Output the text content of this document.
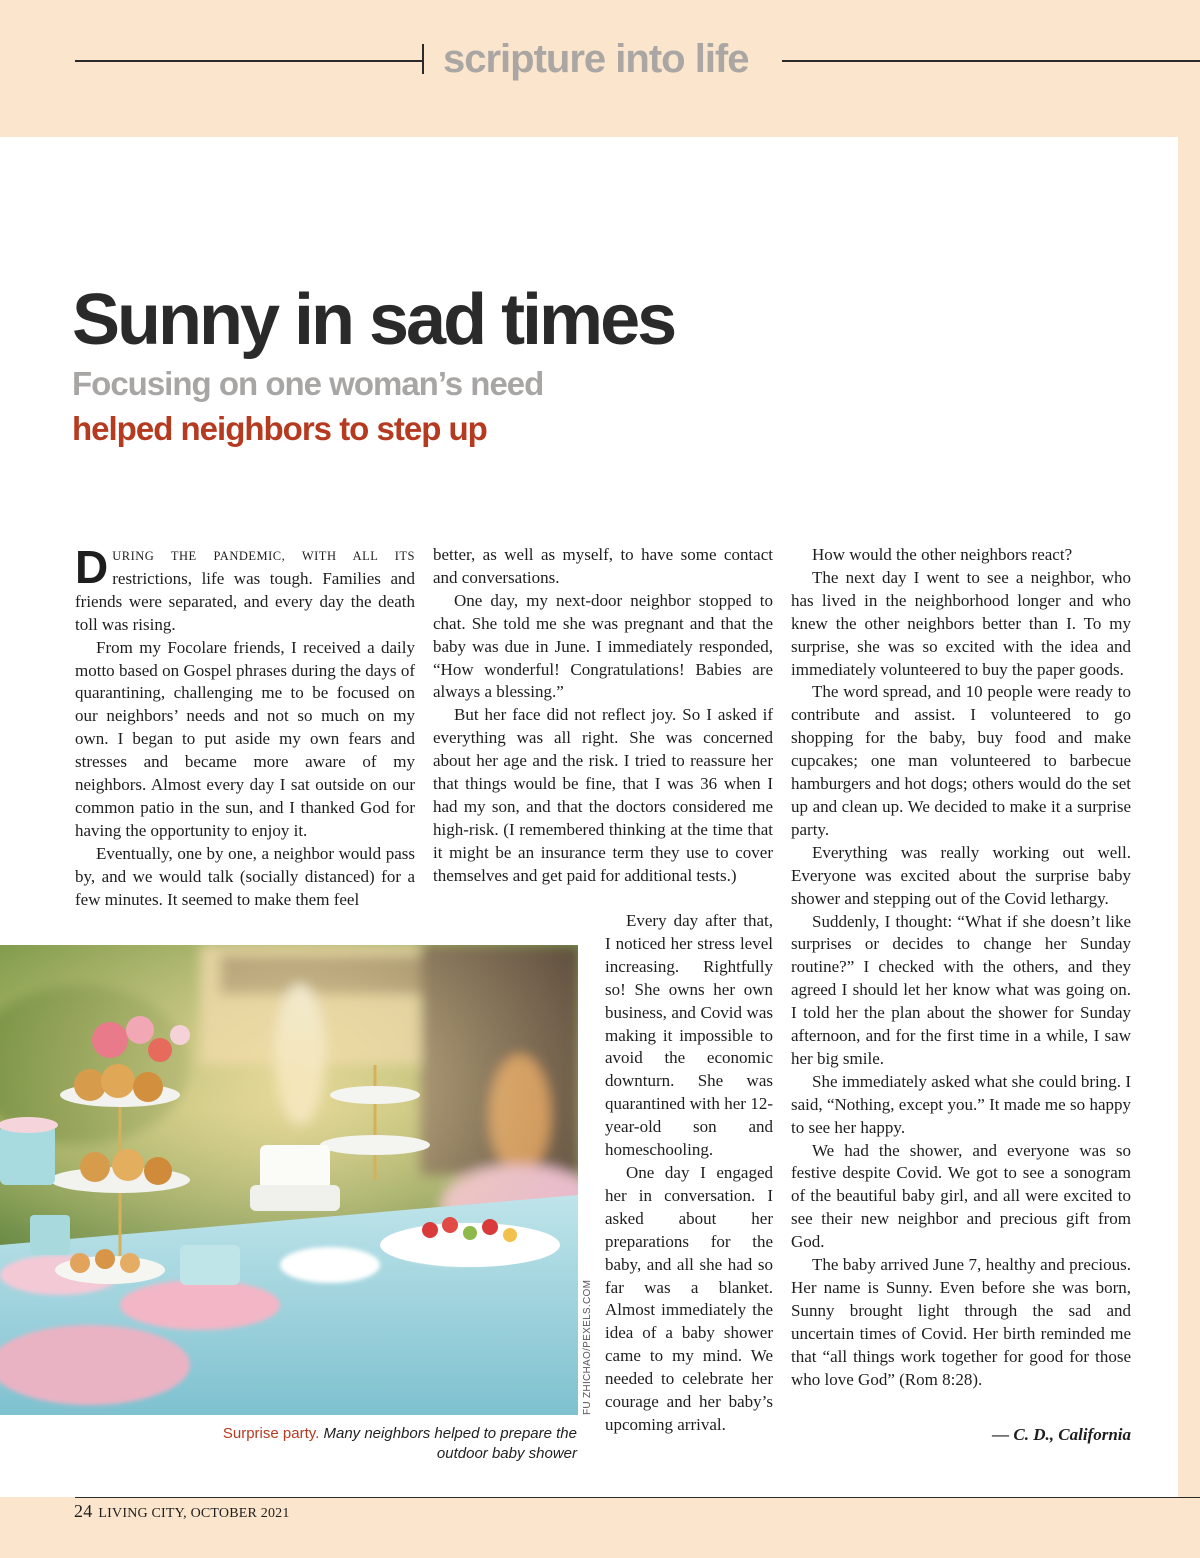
scripture into life
Sunny in sad times
Focusing on one woman’s need
helped neighbors to step up

DURING THE PANDEMIC, WITH ALL ITS restrictions, life was tough. Families and friends were separated, and every day the death toll was rising.

From my Focolare friends, I received a daily motto based on Gospel phrases during the days of quarantining, challenging me to be focused on our neighbors’ needs and not so much on my own. I began to put aside my own fears and stresses and became more aware of my neighbors. Almost every day I sat outside on our common patio in the sun, and I thanked God for having the opportunity to enjoy it.

Eventually, one by one, a neighbor would pass by, and we would talk (socially distanced) for a few minutes. It seemed to make them feel

better, as well as myself, to have some contact and conversations.

One day, my next-door neighbor stopped to chat. She told me she was pregnant and that the baby was due in June. I immediately responded, “How wonderful! Congratulations! Babies are always a blessing.”

But her face did not reflect joy. So I asked if everything was all right. She was concerned about her age and the risk. I tried to reassure her that things would be fine, that I was 36 when I had my son, and that the doctors considered me high-risk. (I remembered thinking at the time that it might be an insurance term they use to cover themselves and get paid for additional tests.)

Every day after that, I noticed her stress level increasing. Rightfully so! She owns her own business, and Covid was making it impossible to avoid the economic downturn. She was quarantined with her 12-year-old son and homeschooling.

One day I engaged her in conversation. I asked about her preparations for the baby, and all she had so far was a blanket. Almost immediately the idea of a baby shower came to my mind. We needed to celebrate her courage and her baby’s upcoming arrival.

How would the other neighbors react?

The next day I went to see a neighbor, who has lived in the neighborhood longer and who knew the other neighbors better than I. To my surprise, she was so excited with the idea and immediately volunteered to buy the paper goods.

The word spread, and 10 people were ready to contribute and assist. I volunteered to go shopping for the baby, buy food and make cupcakes; one man volunteered to barbecue hamburgers and hot dogs; others would do the set up and clean up. We decided to make it a surprise party.

Everything was really working out well. Everyone was excited about the surprise baby shower and stepping out of the Covid lethargy.

Suddenly, I thought: “What if she doesn’t like surprises or decides to change her Sunday routine?” I checked with the others, and they agreed I should let her know what was going on. I told her the plan about the shower for Sunday afternoon, and for the first time in a while, I saw her big smile.

She immediately asked what she could bring. I said, “Nothing, except you.” It made me so happy to see her happy.

We had the shower, and everyone was so festive despite Covid. We got to see a sonogram of the beautiful baby girl, and all were excited to see their new neighbor and precious gift from God.

The baby arrived June 7, healthy and precious. Her name is Sunny. Even before she was born, Sunny brought light through the sad and uncertain times of Covid. Her birth reminded me that “all things work together for good for those who love God” (Rom 8:28).

— C. D., California
FU ZHICHAO/PEXELS.COM
Surprise party. Many neighbors helped to prepare the outdoor baby shower
24 LIVING CITY, OCTOBER 2021
